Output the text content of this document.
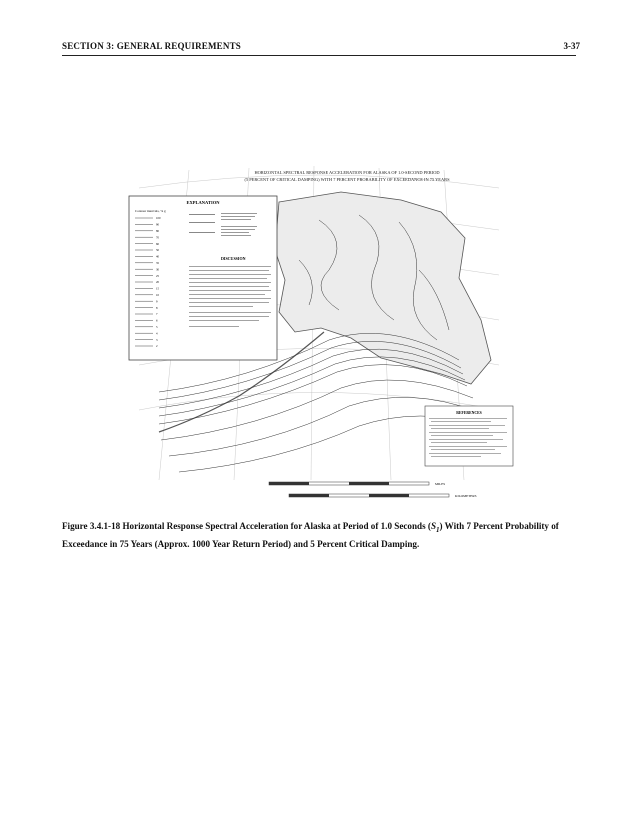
SECTION 3: GENERAL REQUIREMENTS	3-37
HORIZONTAL SPECTRAL RESPONSE ACCELERATION FOR ALASKA OF 1.0-SECOND PERIOD
(5 PERCENT OF CRITICAL DAMPING) WITH 7 PERCENT PROBABILITY OF EXCEEDANCE IN 75 YEARS
EXPLANATION
Contour intervals, % g
DISCUSSION
100
90
80
70
60
50
40
35
30
25
20
15
10
9
8
7
6
5
4
3
2
REFERENCES
MILES
KILOMETERS
Figure 3.4.1-18 Horizontal Response Spectral Acceleration for Alaska at Period of 1.0 Seconds $(S_1)$ With 7 Percent Probability of Exceedance in 75 Years (Approx. 1000 Year Return Period) and 5 Percent Critical Damping.
